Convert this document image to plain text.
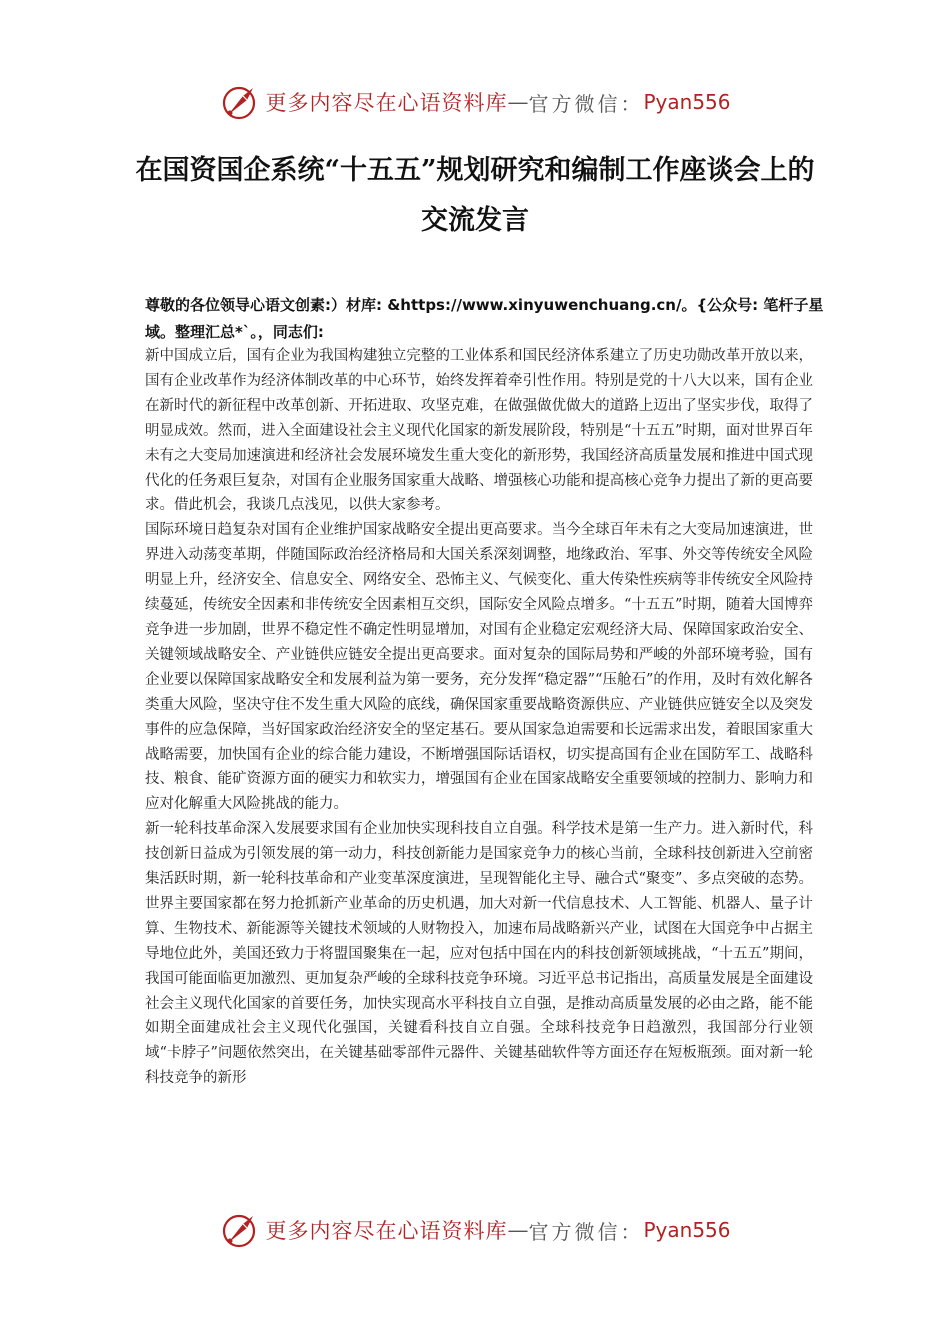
更多内容尽在心语资料库 — 官方微信： Pyan556
在国资国企系统“十五五”规划研究和编制工作座谈会上的交流发言
尊敬的各位领导心语文创素:）材库: &https://www.xinyuwenchuang.cn/。{公众号: 笔杆子星域。整理汇总*`。，同志们:

新中国成立后，国有企业为我国构建独立完整的工业体系和国民经济体系建立了历史功勋改革开放以来，国有企业改革作为经济体制改革的中心环节，始终发挥着牵引性作用。特别是党的十八大以来，国有企业在新时代的新征程中改革创新、开拓进取、攻坚克难，在做强做优做大的道路上迈出了坚实步伐，取得了明显成效。然而，进入全面建设社会主义现代化国家的新发展阶段，特别是“十五五”时期，面对世界百年未有之大变局加速演进和经济社会发展环境发生重大变化的新形势，我国经济高质量发展和推进中国式现代化的任务艰巨复杂，对国有企业服务国家重大战略、增强核心功能和提高核心竞争力提出了新的更高要求。借此机会，我谈几点浅见，以供大家参考。

国际环境日趋复杂对国有企业维护国家战略安全提出更高要求。当今全球百年未有之大变局加速演进，世界进入动荡变革期，伴随国际政治经济格局和大国关系深刻调整，地缘政治、军事、外交等传统安全风险明显上升，经济安全、信息安全、网络安全、恐怖主义、气候变化、重大传染性疾病等非传统安全风险持续蔓延，传统安全因素和非传统安全因素相互交织，国际安全风险点增多。“十五五”时期，随着大国博弈竞争进一步加剧，世界不稳定性不确定性明显增加，对国有企业稳定宏观经济大局、保障国家政治安全、关键领域战略安全、产业链供应链安全提出更高要求。面对复杂的国际局势和严峻的外部环境考验，国有企业要以保障国家战略安全和发展利益为第一要务，充分发挥“稳定器”“压舱石”的作用，及时有效化解各类重大风险，坚决守住不发生重大风险的底线，确保国家重要战略资源供应、产业链供应链安全以及突发事件的应急保障，当好国家政治经济安全的坚定基石。要从国家急迫需要和长远需求出发，着眼国家重大战略需要，加快国有企业的综合能力建设，不断增强国际话语权，切实提高国有企业在国防军工、战略科技、粮食、能矿资源方面的硬实力和软实力，增强国有企业在国家战略安全重要领域的控制力、影响力和应对化解重大风险挑战的能力。

新一轮科技革命深入发展要求国有企业加快实现科技自立自强。科学技术是第一生产力。进入新时代，科技创新日益成为引领发展的第一动力，科技创新能力是国家竞争力的核心当前，全球科技创新进入空前密集活跃时期，新一轮科技革命和产业变革深度演进，呈现智能化主导、融合式“聚变”、多点突破的态势。世界主要国家都在努力抢抓新产业革命的历史机遇，加大对新一代信息技术、人工智能、机器人、量子计算、生物技术、新能源等关键技术领域的人财物投入，加速布局战略新兴产业，试图在大国竞争中占据主导地位此外，美国还致力于将盟国聚集在一起，应对包括中国在内的科技创新领域挑战，“十五五”期间，我国可能面临更加激烈、更加复杂严峻的全球科技竞争环境。习近平总书记指出，高质量发展是全面建设社会主义现代化国家的首要任务，加快实现高水平科技自立自强，是推动高质量发展的必由之路，能不能如期全面建成社会主义现代化强国，关键看科技自立自强。全球科技竞争日趋激烈，我国部分行业领域“卡脖子”问题依然突出，在关键基础零部件元器件、关键基础软件等方面还存在短板瓶颈。面对新一轮科技竞争的新形

更多内容尽在心语资料库 — 官方微信： Pyan556
